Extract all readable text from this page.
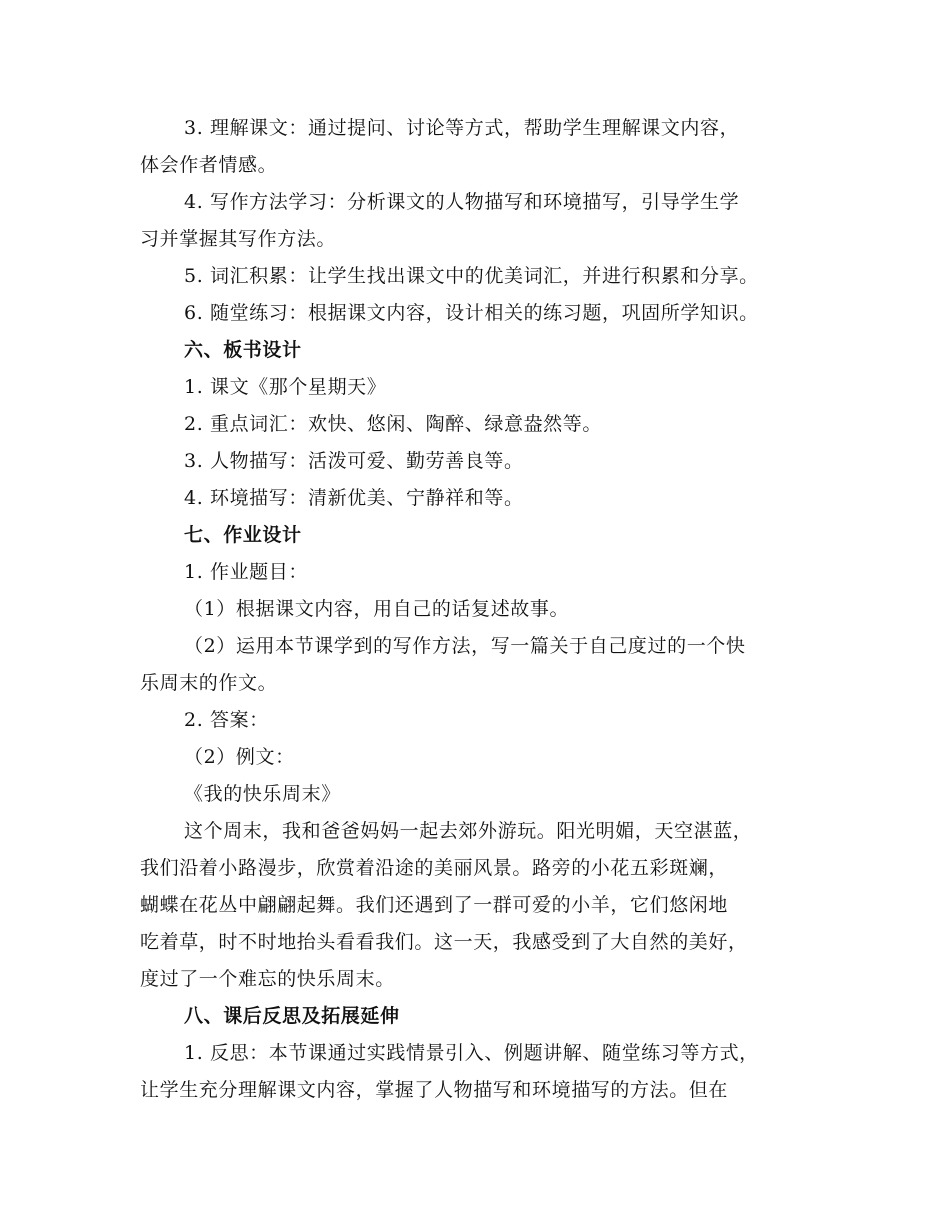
3. 理解课文：通过提问、讨论等方式，帮助学生理解课文内容，
体会作者情感。
4. 写作方法学习：分析课文的人物描写和环境描写，引导学生学
习并掌握其写作方法。
5. 词汇积累：让学生找出课文中的优美词汇，并进行积累和分享。
6. 随堂练习：根据课文内容，设计相关的练习题，巩固所学知识。
六、板书设计
1. 课文《那个星期天》
2. 重点词汇：欢快、悠闲、陶醉、绿意盎然等。
3. 人物描写：活泼可爱、勤劳善良等。
4. 环境描写：清新优美、宁静祥和等。
七、作业设计
1. 作业题目：
（1）根据课文内容，用自己的话复述故事。
（2）运用本节课学到的写作方法，写一篇关于自己度过的一个快
乐周末的作文。
2. 答案：
（2）例文：
《我的快乐周末》
这个周末，我和爸爸妈妈一起去郊外游玩。阳光明媚，天空湛蓝，
我们沿着小路漫步，欣赏着沿途的美丽风景。路旁的小花五彩斑斓，
蝴蝶在花丛中翩翩起舞。我们还遇到了一群可爱的小羊，它们悠闲地
吃着草，时不时地抬头看看我们。这一天，我感受到了大自然的美好，
度过了一个难忘的快乐周末。
八、课后反思及拓展延伸
1. 反思：本节课通过实践情景引入、例题讲解、随堂练习等方式，
让学生充分理解课文内容，掌握了人物描写和环境描写的方法。但在
